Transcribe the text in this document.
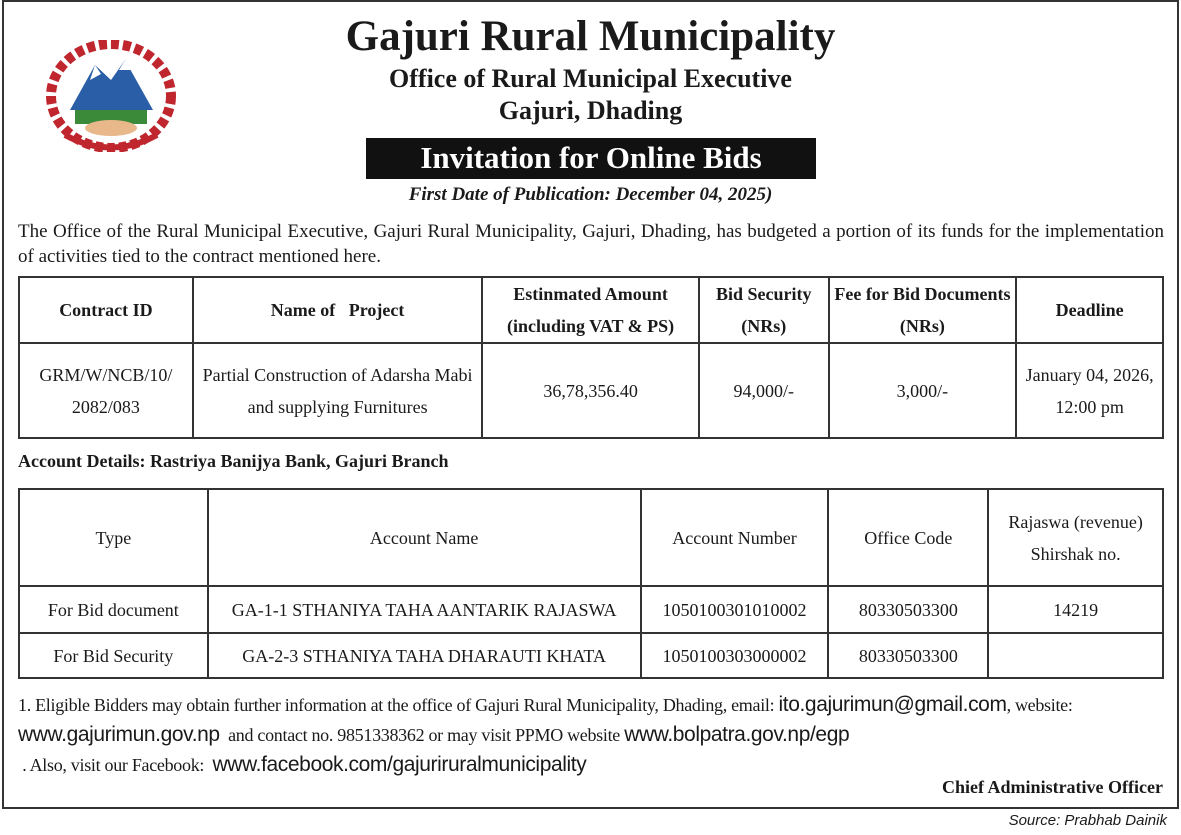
Gajuri Rural Municipality
Office of Rural Municipal Executive
Gajuri, Dhading
Invitation for Online Bids
First Date of Publication: December 04, 2025)
The Office of the Rural Municipal Executive, Gajuri Rural Municipality, Gajuri, Dhading, has budgeted a portion of its funds for the implementation of activities tied to the contract mentioned here.
Contract ID	Name of   Project	Estinmated Amount (including VAT & PS)	Bid Security (NRs)	Fee for Bid Documents (NRs)	Deadline
GRM/W/NCB/10/ 2082/083	Partial Construction of Adarsha Mabi and supplying Furnitures	36,78,356.40	94,000/-	3,000/-	January 04, 2026, 12:00 pm
Account Details: Rastriya Banijya Bank, Gajuri Branch
Type	Account Name	Account Number	Office Code	Rajaswa (revenue) Shirshak no.
For Bid document	GA-1-1 STHANIYA TAHA AANTARIK RAJASWA	1050100301010002	80330503300	14219
For Bid Security	GA-2-3 STHANIYA TAHA DHARAUTI KHATA	1050100303000002	80330503300	
1. Eligible Bidders may obtain further information at the office of Gajuri Rural Municipality, Dhading, email: ito.gajurimun@gmail.com, website: www.gajurimun.gov.np  and contact no. 9851338362 or may visit PPMO website www.bolpatra.gov.np/egp . Also, visit our Facebook:  www.facebook.com/gajuriruralmunicipality
Chief Administrative Officer
Source: Prabhab Dainik
